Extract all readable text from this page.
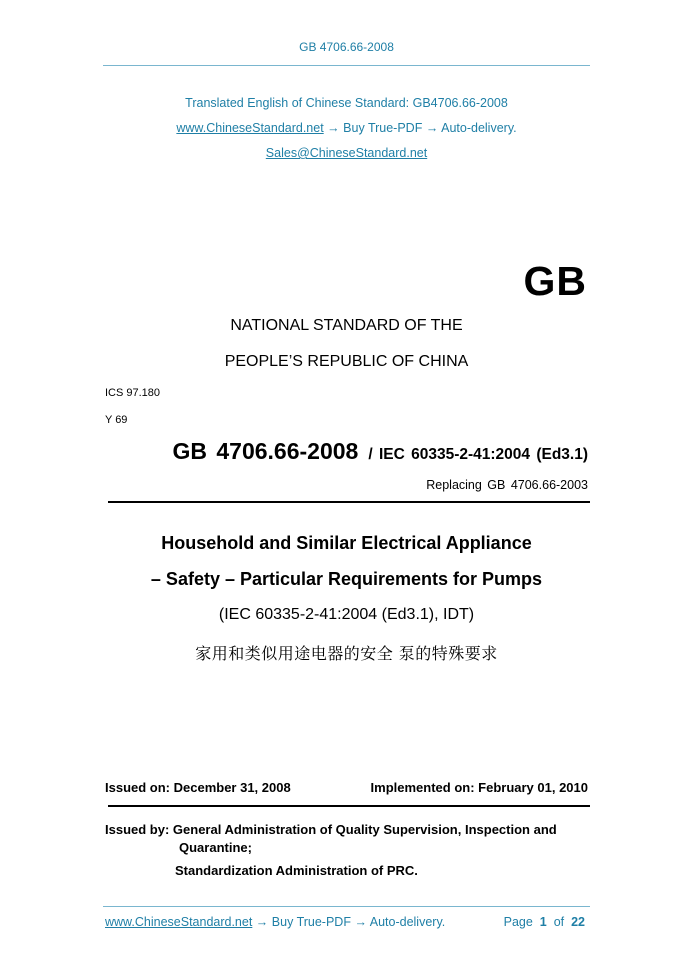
GB 4706.66-2008
Translated English of Chinese Standard: GB4706.66-2008
www.ChineseStandard.net → Buy True-PDF → Auto-delivery.
Sales@ChineseStandard.net
GB
NATIONAL STANDARD OF THE
PEOPLE’S REPUBLIC OF CHINA
ICS 97.180
Y 69
GB 4706.66-2008 / IEC 60335-2-41:2004 (Ed3.1)
Replacing GB 4706.66-2003
Household and Similar Electrical Appliance
– Safety – Particular Requirements for Pumps
(IEC 60335-2-41:2004 (Ed3.1), IDT)
家用和类似用途电器的安全 泵的特殊要求
Issued on: December 31, 2008	Implemented on: February 01, 2010
Issued by: General Administration of Quality Supervision, Inspection and
Quarantine;
Standardization Administration of PRC.
www.ChineseStandard.net → Buy True-PDF → Auto-delivery.	Page 1 of 22
